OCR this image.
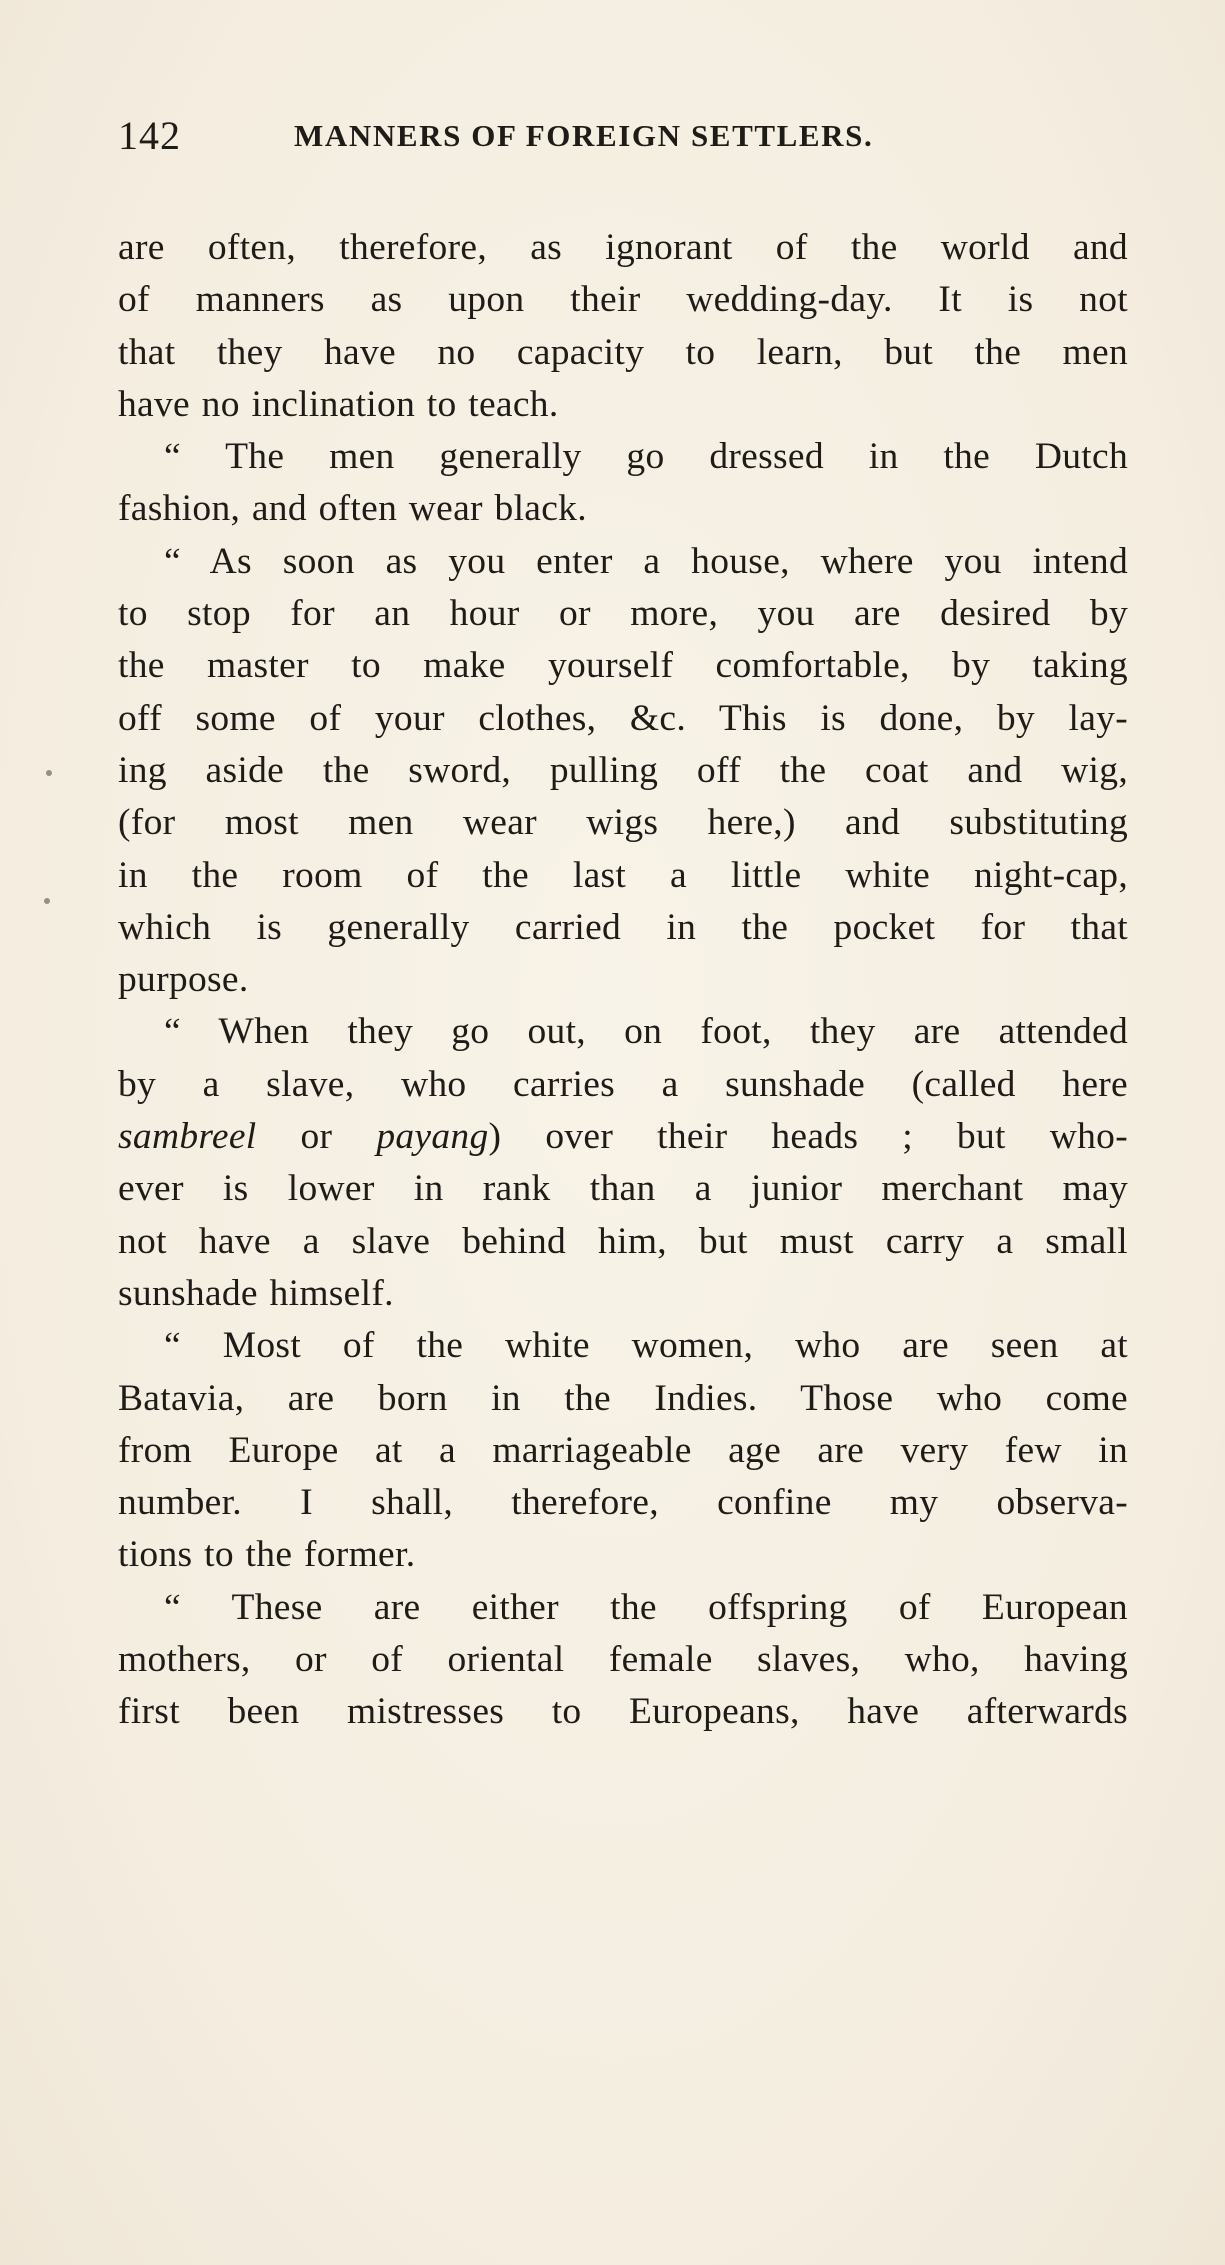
142	MANNERS OF FOREIGN SETTLERS.
are often, therefore, as ignorant of the world and
of manners as upon their wedding-day. It is not
that they have no capacity to learn, but the men
have no inclination to teach.
“ The men generally go dressed in the Dutch
fashion, and often wear black.
“ As soon as you enter a house, where you intend
to stop for an hour or more, you are desired by
the master to make yourself comfortable, by taking
off some of your clothes, &c. This is done, by lay-
ing aside the sword, pulling off the coat and wig,
(for most men wear wigs here,) and substituting
in the room of the last a little white night-cap,
which is generally carried in the pocket for that
purpose.
“ When they go out, on foot, they are attended
by a slave, who carries a sunshade (called here
sambreel or payang) over their heads ; but who-
ever is lower in rank than a junior merchant may
not have a slave behind him, but must carry a small
sunshade himself.
“ Most of the white women, who are seen at
Batavia, are born in the Indies. Those who come
from Europe at a marriageable age are very few in
number. I shall, therefore, confine my observa-
tions to the former.
“ These are either the offspring of European
mothers, or of oriental female slaves, who, having
first been mistresses to Europeans, have afterwards
